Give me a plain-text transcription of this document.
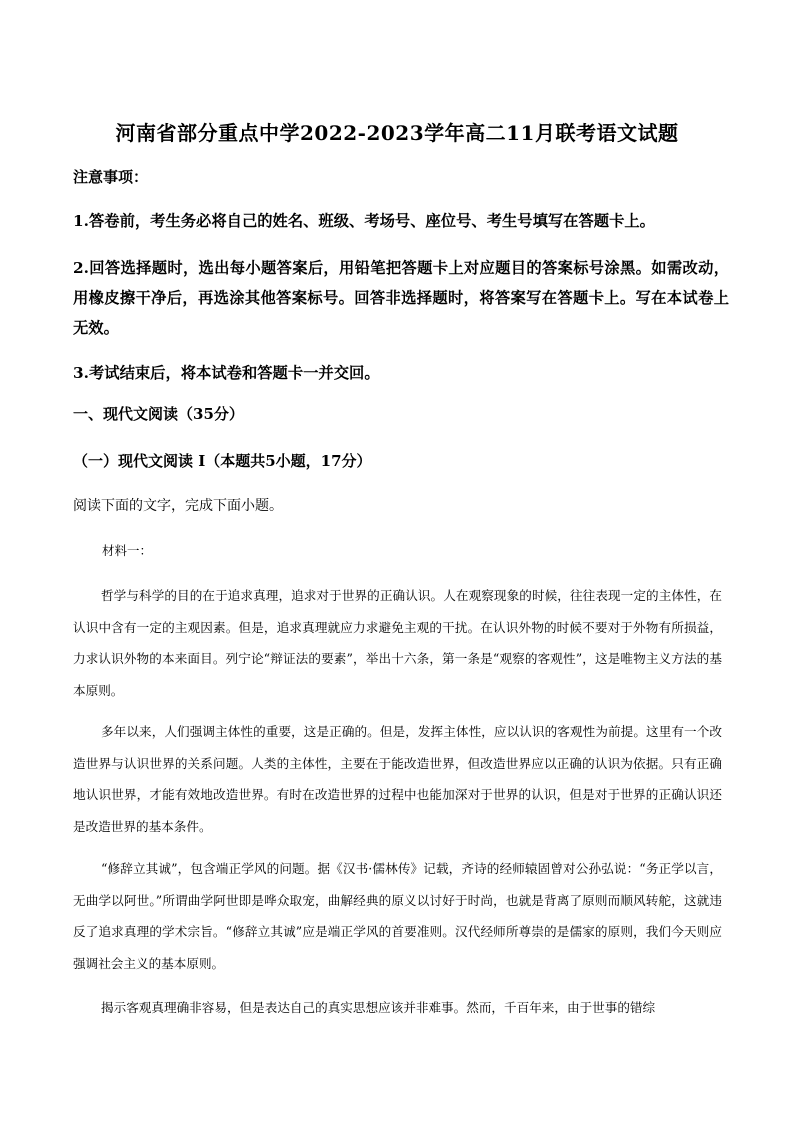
河南省部分重点中学2022-2023学年高二11月联考语文试题
注意事项：
1.答卷前，考生务必将自己的姓名、班级、考场号、座位号、考生号填写在答题卡上。
2.回答选择题时，选出每小题答案后，用铅笔把答题卡上对应题目的答案标号涂黑。如需改动，用橡皮擦干净后，再选涂其他答案标号。回答非选择题时，将答案写在答题卡上。写在本试卷上无效。
3.考试结束后，将本试卷和答题卡一并交回。
一、现代文阅读（35分）
（一）现代文阅读 I（本题共5小题，17分）
阅读下面的文字，完成下面小题。
材料一：
哲学与科学的目的在于追求真理，追求对于世界的正确认识。人在观察现象的时候，往往表现一定的主体性，在认识中含有一定的主观因素。但是，追求真理就应力求避免主观的干扰。在认识外物的时候不要对于外物有所损益，力求认识外物的本来面目。列宁论“辩证法的要素”，举出十六条，第一条是“观察的客观性”，这是唯物主义方法的基本原则。
多年以来，人们强调主体性的重要，这是正确的。但是，发挥主体性，应以认识的客观性为前提。这里有一个改造世界与认识世界的关系问题。人类的主体性，主要在于能改造世界，但改造世界应以正确的认识为依据。只有正确地认识世界，才能有效地改造世界。有时在改造世界的过程中也能加深对于世界的认识，但是对于世界的正确认识还是改造世界的基本条件。
“修辞立其诚”，包含端正学风的问题。据《汉书·儒林传》记载，齐诗的经师辕固曾对公孙弘说：“务正学以言，无曲学以阿世。”所谓曲学阿世即是哗众取宠，曲解经典的原义以讨好于时尚，也就是背离了原则而顺风转舵，这就违反了追求真理的学术宗旨。“修辞立其诚”应是端正学风的首要准则。汉代经师所尊崇的是儒家的原则，我们今天则应强调社会主义的基本原则。
揭示客观真理确非容易，但是表达自己的真实思想应该并非难事。然而，千百年来，由于世事的错综
